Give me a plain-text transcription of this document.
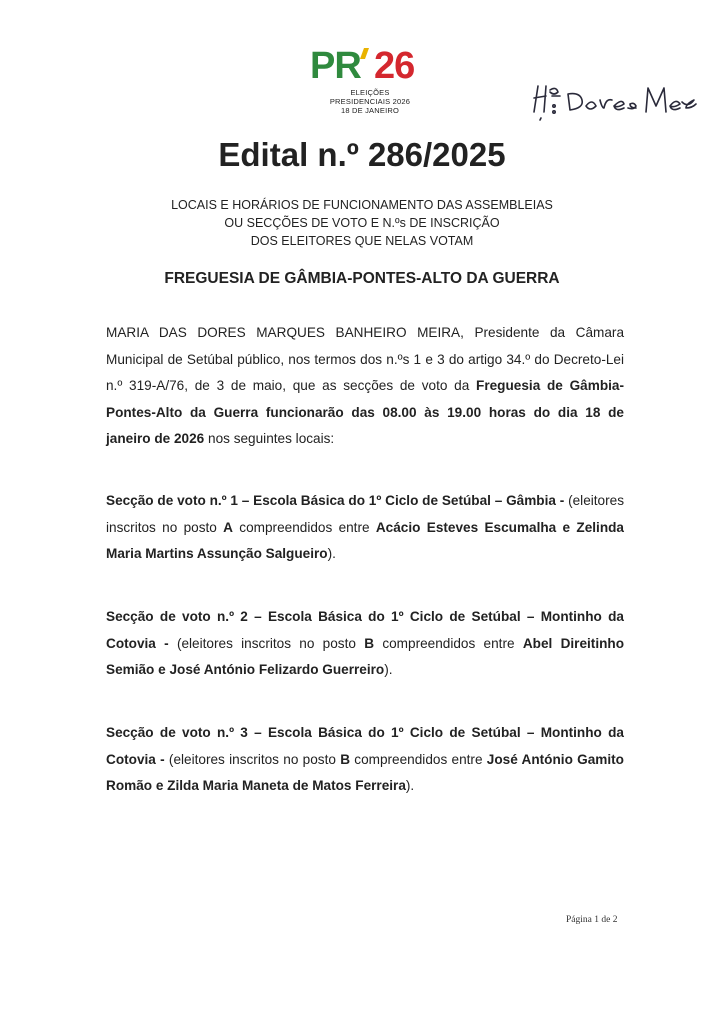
PR 26
ELEIÇÕES
PRESIDENCIAIS 2026
18 DE JANEIRO
Edital n.º 286/2025
LOCAIS E HORÁRIOS DE FUNCIONAMENTO DAS ASSEMBLEIAS
OU SECÇÕES DE VOTO E N.ºs DE INSCRIÇÃO
DOS ELEITORES QUE NELAS VOTAM
FREGUESIA DE GÂMBIA-PONTES-ALTO DA GUERRA
MARIA DAS DORES MARQUES BANHEIRO MEIRA, Presidente da Câmara Municipal de Setúbal público, nos termos dos n.ºs 1 e 3 do artigo 34.º do Decreto-Lei n.º 319-A/76, de 3 de maio, que as secções de voto da Freguesia de Gâmbia-Pontes-Alto da Guerra funcionarão das 08.00 às 19.00 horas do dia 18 de janeiro de 2026 nos seguintes locais:
Secção de voto n.º 1 – Escola Básica do 1º Ciclo de Setúbal – Gâmbia - (eleitores inscritos no posto A compreendidos entre Acácio Esteves Escumalha e Zelinda Maria Martins Assunção Salgueiro).
Secção de voto n.º 2 – Escola Básica do 1º Ciclo de Setúbal – Montinho da Cotovia - (eleitores inscritos no posto B compreendidos entre Abel Direitinho Semião e José António Felizardo Guerreiro).
Secção de voto n.º 3 – Escola Básica do 1º Ciclo de Setúbal – Montinho da Cotovia - (eleitores inscritos no posto B compreendidos entre José António Gamito Romão e Zilda Maria Maneta de Matos Ferreira).
Página 1 de 2
